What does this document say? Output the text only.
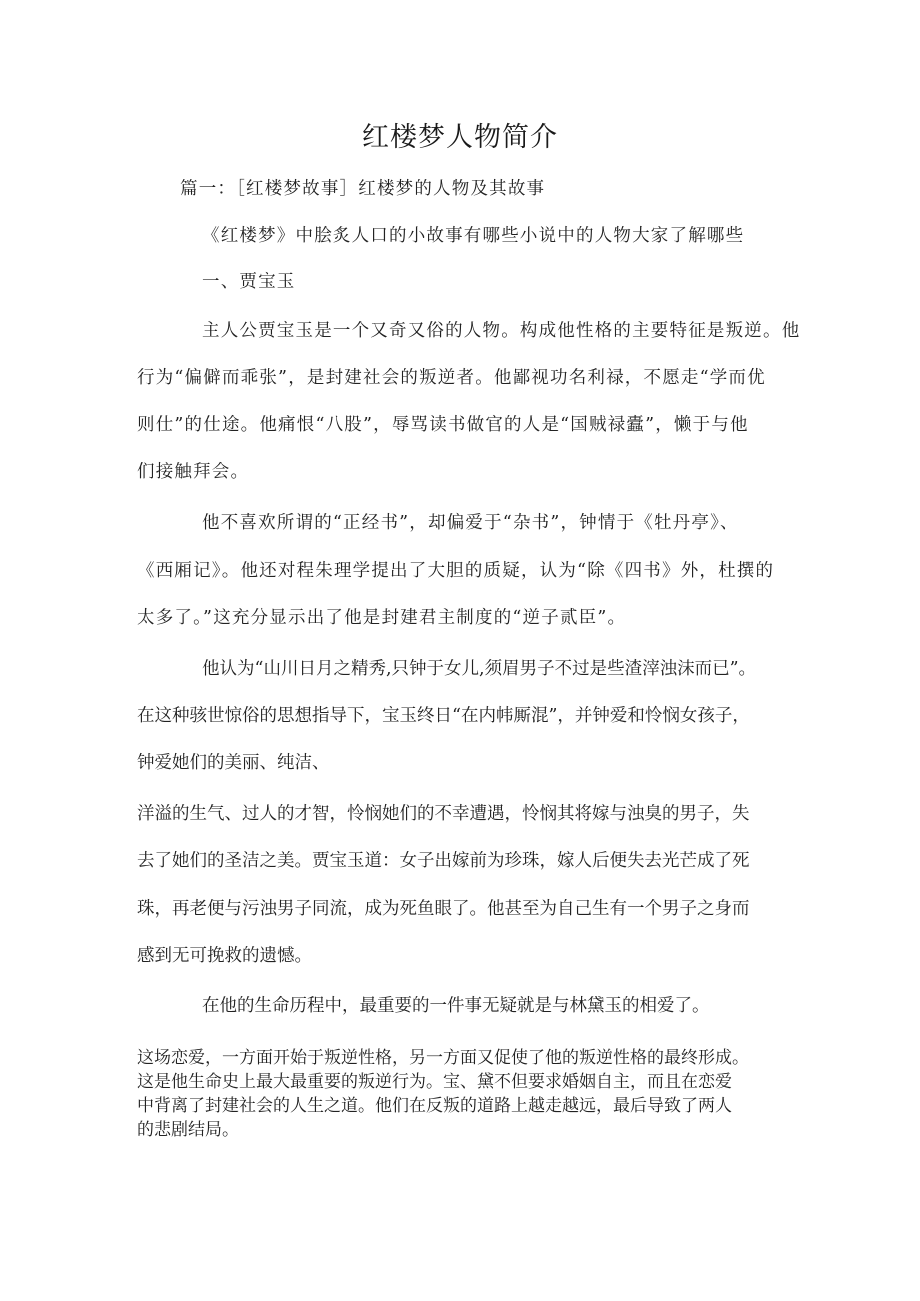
红楼梦人物简介
篇一：［红楼梦故事］红楼梦的人物及其故事
《红楼梦》中脍炙人口的小故事有哪些小说中的人物大家了解哪些
一、贾宝玉
主人公贾宝玉是一个又奇又俗的人物。构成他性格的主要特征是叛逆。他
行为“偏僻而乖张”，是封建社会的叛逆者。他鄙视功名利禄，不愿走“学而优
则仕”的仕途。他痛恨“八股”，辱骂读书做官的人是“国贼禄蠹”，懒于与他
们接触拜会。
他不喜欢所谓的“正经书”，却偏爱于“杂书”，钟情于《牡丹亭》、
《西厢记》。他还对程朱理学提出了大胆的质疑，认为“除《四书》外，杜撰的
太多了。”这充分显示出了他是封建君主制度的“逆子贰臣”。
他认为“山川日月之精秀,只钟于女儿,须眉男子不过是些渣滓浊沫而已”。
在这种骇世惊俗的思想指导下，宝玉终日“在内帏厮混”，并钟爱和怜悯女孩子，
钟爱她们的美丽、纯洁、
洋溢的生气、过人的才智，怜悯她们的不幸遭遇，怜悯其将嫁与浊臭的男子，失
去了她们的圣洁之美。贾宝玉道：女子出嫁前为珍珠，嫁人后便失去光芒成了死
珠，再老便与污浊男子同流，成为死鱼眼了。他甚至为自己生有一个男子之身而
感到无可挽救的遗憾。
在他的生命历程中，最重要的一件事无疑就是与林黛玉的相爱了。

这场恋爱，一方面开始于叛逆性格，另一方面又促使了他的叛逆性格的最终形成。

这是他生命史上最大最重要的叛逆行为。宝、黛不但要求婚姻自主，而且在恋爱

中背离了封建社会的人生之道。他们在反叛的道路上越走越远，最后导致了两人

的悲剧结局。
